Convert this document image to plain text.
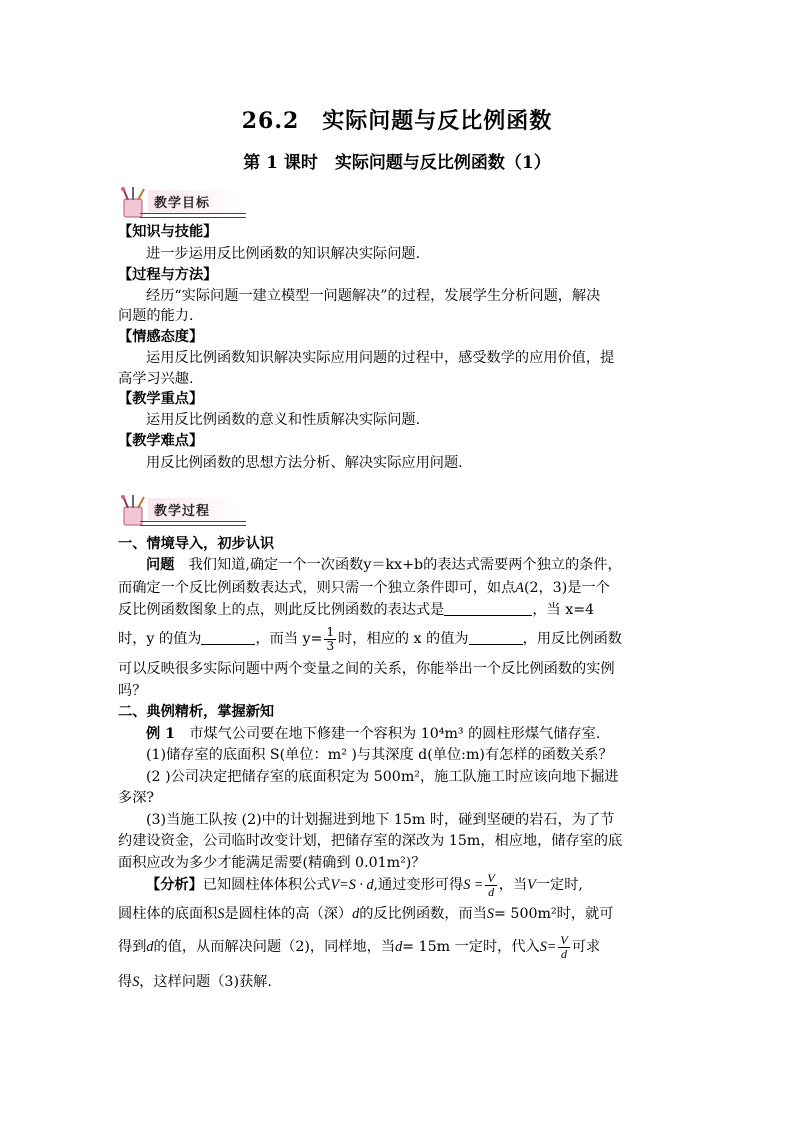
26.2　实际问题与反比例函数
第 1 课时　实际问题与反比例函数（1）
教学目标
【知识与技能】
进一步运用反比例函数的知识解决实际问题.
【过程与方法】
经历“实际问题一建立模型一问题解决”的过程，发展学生分析问题，解决
问题的能力.
【情感态度】
运用反比例函数知识解决实际应用问题的过程中，感受数学的应用价值，提
高学习兴趣.
【教学重点】
运用反比例函数的意义和性质解决实际问题.
【教学难点】
用反比例函数的思想方法分析、解决实际应用问题.
教学过程
一、情境导入，初步认识
问题　我们知道,确定一个一次函数y＝kx+b的表达式需要两个独立的条件，
而确定一个反比例函数表达式，则只需一个独立条件即可，如点A(2，3)是一个
反比例函数图象上的点，则此反比例函数的表达式是	，当 x=4
时，y 的值为	，而当 $y= \frac{1}{3}$ 时，相应的 x 的值为	，用反比例函数
可以反映很多实际问题中两个变量之间的关系，你能举出一个反比例函数的实例
吗？
二、典例精析，掌握新知
例 1　市煤气公司要在地下修建一个容积为 10⁴m³ 的圆柱形煤气储存室.
(1)储存室的底面积 S(单位：m² )与其深度 d(单位:m)有怎样的函数关系？
(2 )公司决定把储存室的底面积定为 500m²，施工队施工时应该向地下掘进
多深?
(3)当施工队按 (2)中的计划掘进到地下 15m 时，碰到坚硬的岩石，为了节
约建设资金，公司临时改变计划，把储存室的深改为 15m，相应地，储存室的底
面积应改为多少才能满足需要(精确到 0.01m²)？
【分析】已知圆柱体体积公式V=S · d,通过变形可得$S = \frac{V}{d}$ ，当V一定时,
圆柱体的底面积S是圆柱体的高（深）d的反比例函数，而当S= 500m²时，就可
得到d的值，从而解决问题（2)，同样地，当d= 15m 一定时，代入$S= \frac{V}{d}$ 可求
得S，这样问题（3)获解.
